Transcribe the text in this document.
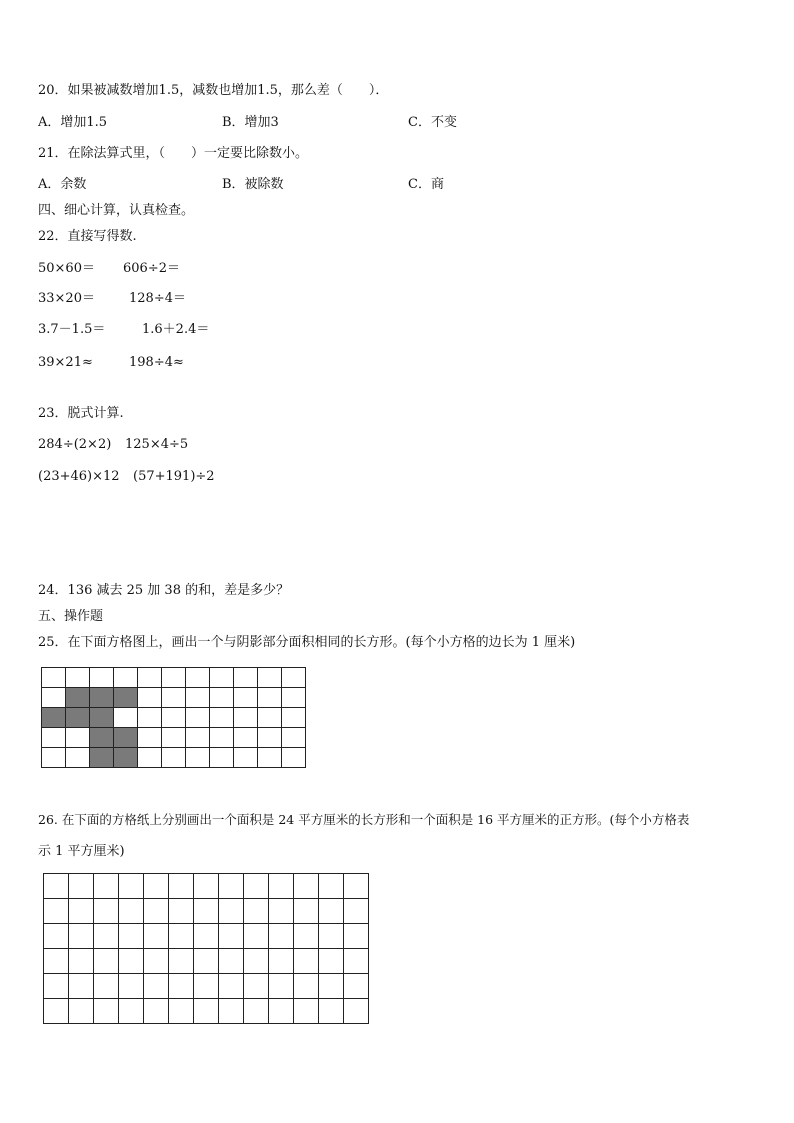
20．如果被减数增加1.5，减数也增加1.5，那么差（　　）．
A．增加1.5	B．增加3	C．不变
21．在除法算式里，（　　）一定要比除数小。
A．余数	B．被除数	C．商
四、细心计算，认真检查。
22．直接写得数.
50×60＝ 606÷2＝
33×20＝	128÷4＝
3.7－1.5＝	1.6＋2.4＝
39×21≈	198÷4≈
23．脱式计算.
284÷(2×2) 125×4÷5
(23+46)×12 (57+191)÷2
24．136 减去 25 加 38 的和，差是多少？
五、操作题
25．在下面方格图上，画出一个与阴影部分面积相同的长方形。(每个小方格的边长为 1 厘米)

26. 在下面的方格纸上分别画出一个面积是 24 平方厘米的长方形和一个面积是 16 平方厘米的正方形。(每个小方格表
示 1 平方厘米)
